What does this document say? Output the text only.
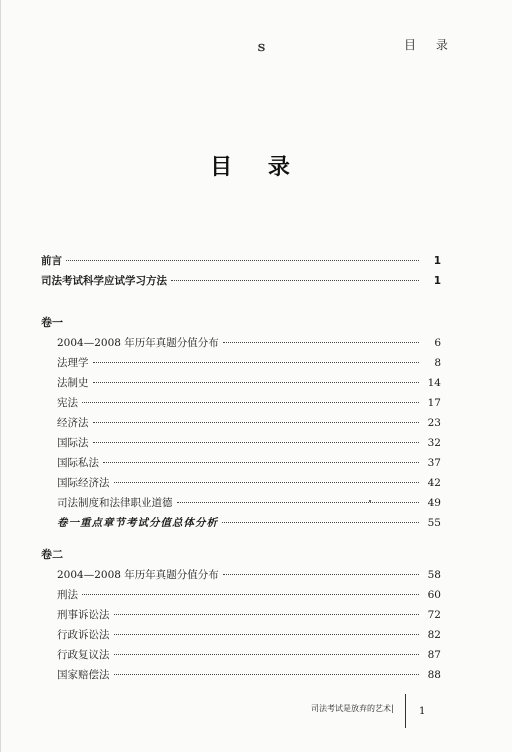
ｓ	目 录
目 录
前言	1
司法考试科学应试学习方法	1
卷一
2004—2008 年历年真题分值分布	6
法理学	8
法制史	14
宪法	17
经济法	23
国际法	32
国际私法	37
国际经济法	42
司法制度和法律职业道德	49
卷一重点章节考试分值总体分析	55
卷二
2004—2008 年历年真题分值分布	58
刑法	60
刑事诉讼法	72
行政诉讼法	82
行政复议法	87
国家赔偿法	88
司法考试是放弃的艺术|	1
